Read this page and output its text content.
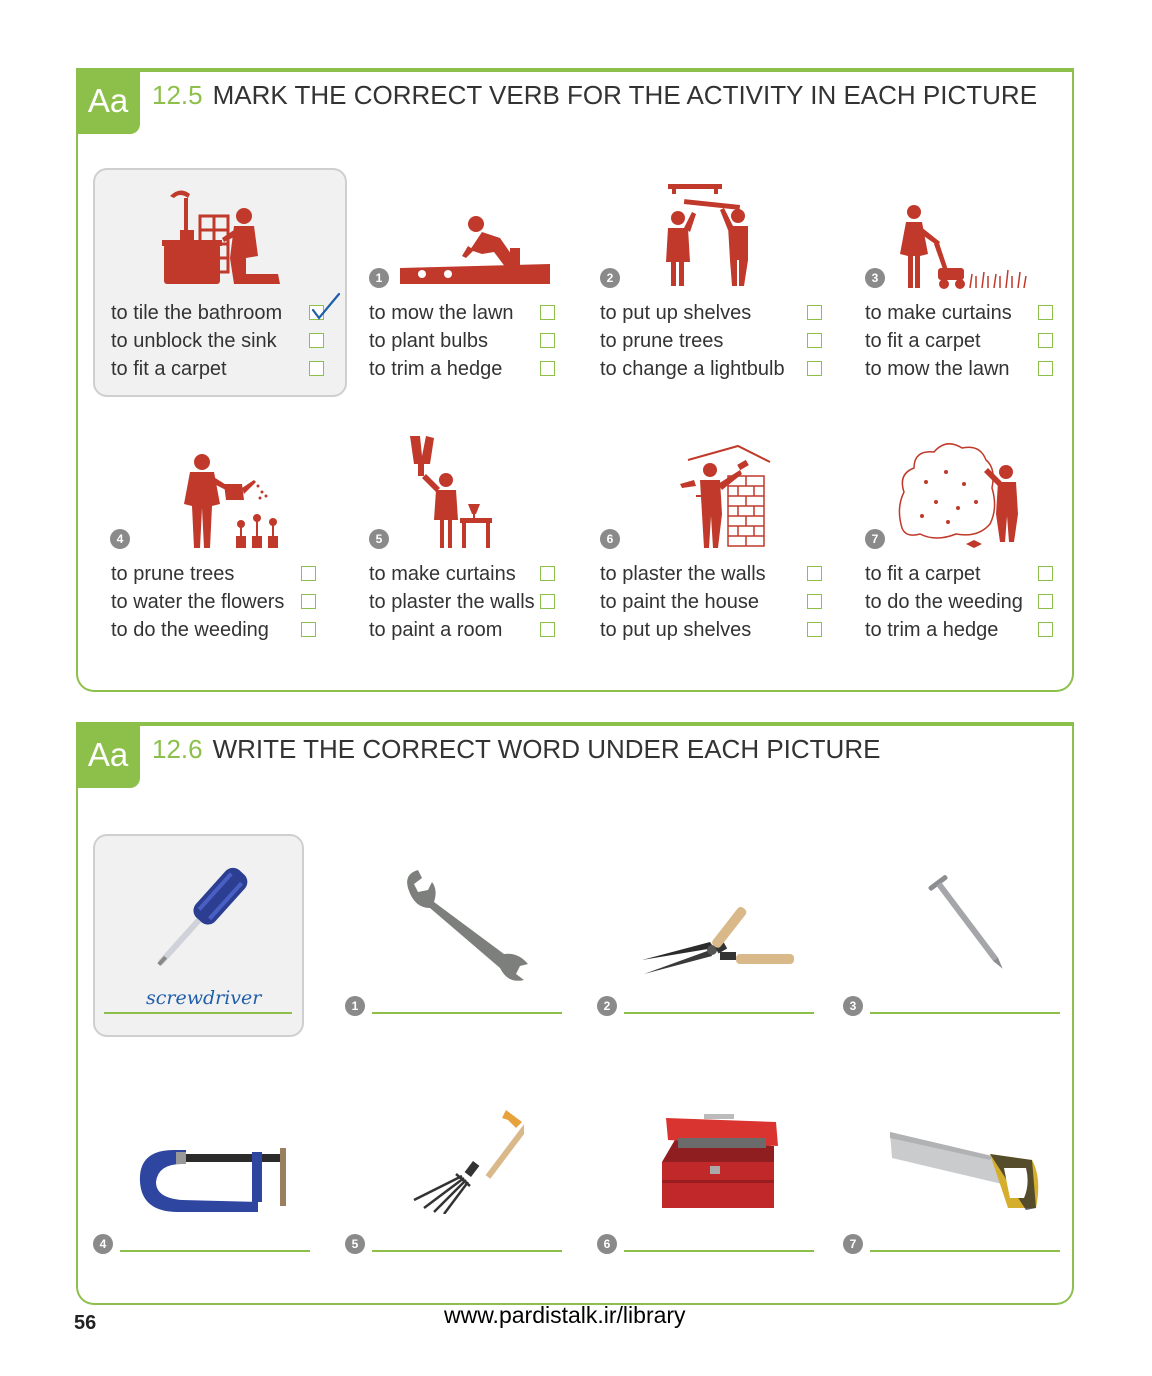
Aa 12.5 MARK THE CORRECT VERB FOR THE ACTIVITY IN EACH PICTURE
1	2	3
4	5	6	7
to tile the bathroom
to unblock the sink
to fit a carpet
to mow the lawn
to plant bulbs
to trim a hedge
to put up shelves
to prune trees
to change a lightbulb
to make curtains
to fit a carpet
to mow the lawn
to prune trees
to water the flowers
to do the weeding
to make curtains
to plaster the walls
to paint a room
to plaster the walls
to paint the house
to put up shelves
to fit a carpet
to do the weeding
to trim a hedge
Aa 12.6 WRITE THE CORRECT WORD UNDER EACH PICTURE
screwdriver	1	2	3
4	5	6	7
56	www.pardistalk.ir/library
